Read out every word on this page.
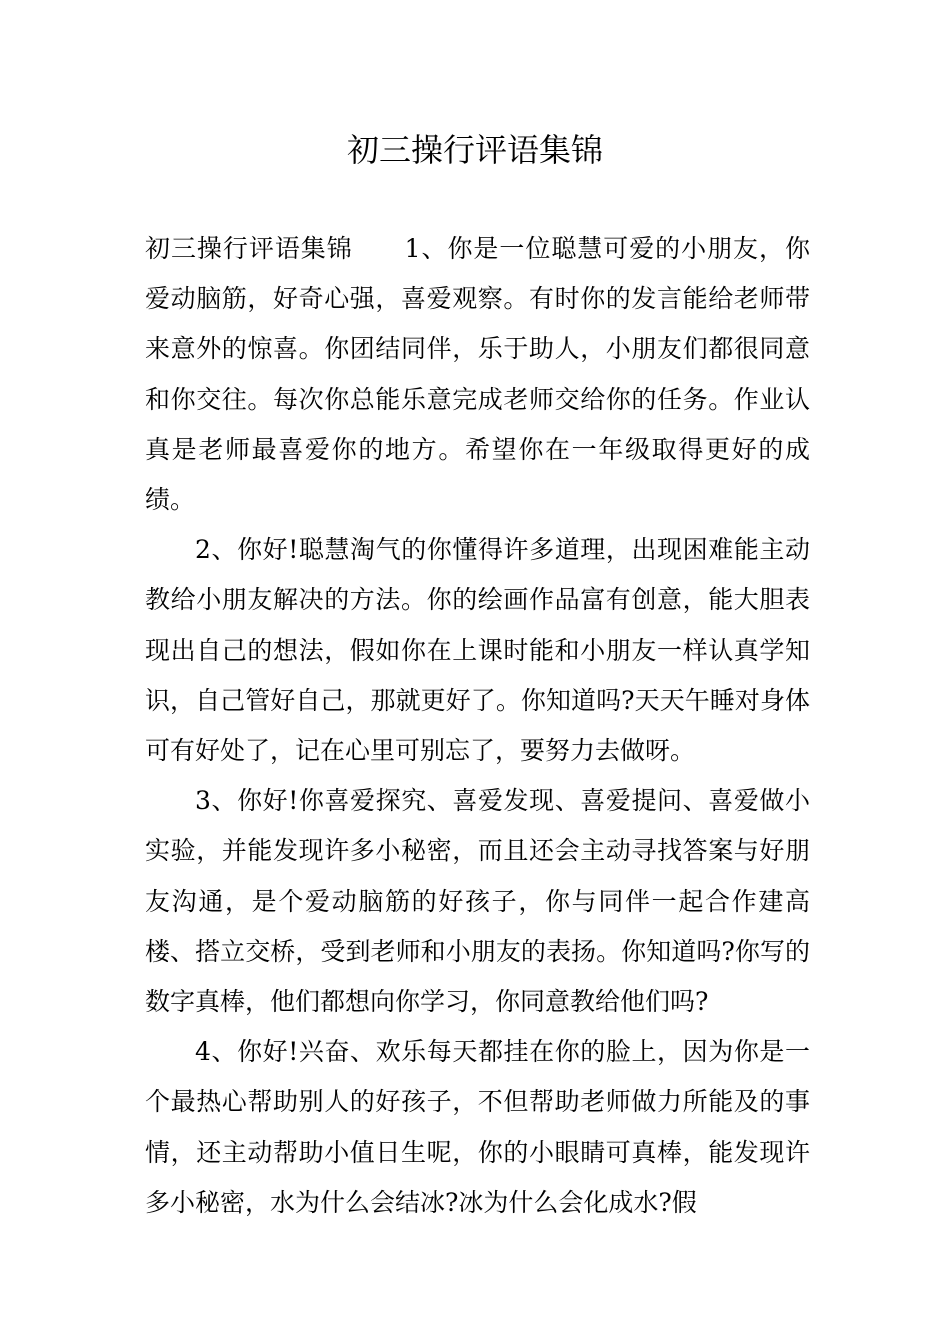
初三操行评语集锦

初三操行评语集锦　　1、你是一位聪慧可爱的小朋友，你爱动脑筋，好奇心强，喜爱观察。有时你的发言能给老师带来意外的惊喜。你团结同伴，乐于助人，小朋友们都很同意和你交往。每次你总能乐意完成老师交给你的任务。作业认真是老师最喜爱你的地方。希望你在一年级取得更好的成绩。

2、你好!聪慧淘气的你懂得许多道理，出现困难能主动教给小朋友解决的方法。你的绘画作品富有创意，能大胆表现出自己的想法，假如你在上课时能和小朋友一样认真学知识，自己管好自己，那就更好了。你知道吗?天天午睡对身体可有好处了，记在心里可别忘了，要努力去做呀。

3、你好!你喜爱探究、喜爱发现、喜爱提问、喜爱做小实验，并能发现许多小秘密，而且还会主动寻找答案与好朋友沟通，是个爱动脑筋的好孩子，你与同伴一起合作建高楼、搭立交桥，受到老师和小朋友的表扬。你知道吗?你写的数字真棒，他们都想向你学习，你同意教给他们吗?

4、你好!兴奋、欢乐每天都挂在你的脸上，因为你是一个最热心帮助别人的好孩子，不但帮助老师做力所能及的事情，还主动帮助小值日生呢，你的小眼睛可真棒，能发现许多小秘密，水为什么会结冰?冰为什么会化成水?假
